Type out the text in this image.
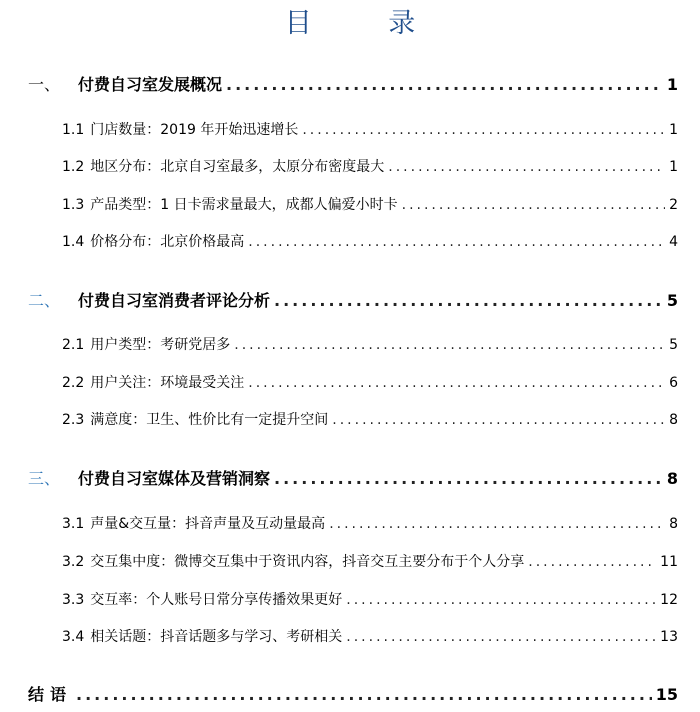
目 录
一、	付费自习室发展概况 .....	1
1.1 门店数量：2019 年开始迅速增长 .....	1
1.2 地区分布：北京自习室最多，太原分布密度最大 .....	1
1.3 产品类型：1 日卡需求量最大，成都人偏爱小时卡 .....	2
1.4 价格分布：北京价格最高 .....	4
二、	付费自习室消费者评论分析 .....	5
2.1 用户类型：考研党居多 .....	5
2.2 用户关注：环境最受关注 .....	6
2.3 满意度：卫生、性价比有一定提升空间 .....	8
三、	付费自习室媒体及营销洞察 .....	8
3.1 声量&交互量：抖音声量及互动量最高 .....	8
3.2 交互集中度：微博交互集中于资讯内容，抖音交互主要分布于个人分享 .....	11
3.3 交互率：个人账号日常分享传播效果更好 .....	12
3.4 相关话题：抖音话题多与学习、考研相关 .....	13
结语 .....	15
